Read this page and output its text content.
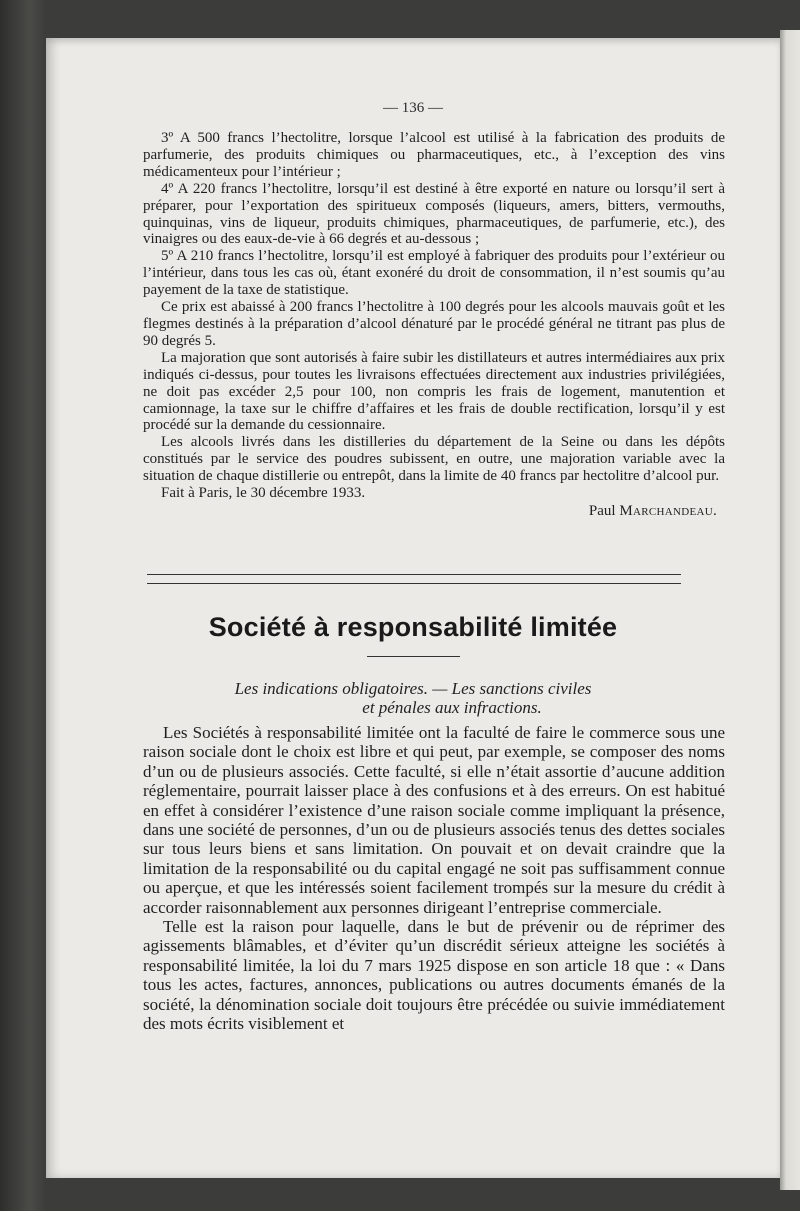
— 136 —

3º A 500 francs l’hectolitre, lorsque l’alcool est utilisé à la fabrication des produits de parfumerie, des produits chimiques ou pharmaceutiques, etc., à l’exception des vins médicamenteux pour l’intérieur ;

4º A 220 francs l’hectolitre, lorsqu’il est destiné à être exporté en nature ou lorsqu’il sert à préparer, pour l’exportation des spiritueux composés (liqueurs, amers, bitters, vermouths, quinquinas, vins de liqueur, produits chimiques, pharmaceutiques, de parfumerie, etc.), des vinaigres ou des eaux-de-vie à 66 degrés et au-dessous ;

5º A 210 francs l’hectolitre, lorsqu’il est employé à fabriquer des produits pour l’extérieur ou l’intérieur, dans tous les cas où, étant exonéré du droit de consommation, il n’est soumis qu’au payement de la taxe de statistique.

Ce prix est abaissé à 200 francs l’hectolitre à 100 degrés pour les alcools mauvais goût et les flegmes destinés à la préparation d’alcool dénaturé par le procédé général ne titrant pas plus de 90 degrés 5.

La majoration que sont autorisés à faire subir les distillateurs et autres intermédiaires aux prix indiqués ci-dessus, pour toutes les livraisons effectuées directement aux industries privilégiées, ne doit pas excéder 2,5 pour 100, non compris les frais de logement, manutention et camionnage, la taxe sur le chiffre d’affaires et les frais de double rectification, lorsqu’il y est procédé sur la demande du cessionnaire.

Les alcools livrés dans les distilleries du département de la Seine ou dans les dépôts constitués par le service des poudres subissent, en outre, une majoration variable avec la situation de chaque distillerie ou entrepôt, dans la limite de 40 francs par hectolitre d’alcool pur.

Fait à Paris, le 30 décembre 1933.

Paul Marchandeau.
Société à responsabilité limitée
Les indications obligatoires. — Les sanctions civiles
et pénales aux infractions.

Les Sociétés à responsabilité limitée ont la faculté de faire le commerce sous une raison sociale dont le choix est libre et qui peut, par exemple, se composer des noms d’un ou de plusieurs associés. Cette faculté, si elle n’était assortie d’aucune addition réglementaire, pourrait laisser place à des confusions et à des erreurs. On est habitué en effet à considérer l’existence d’une raison sociale comme impliquant la présence, dans une société de personnes, d’un ou de plusieurs associés tenus des dettes sociales sur tous leurs biens et sans limitation. On pouvait et on devait craindre que la limitation de la responsabilité ou du capital engagé ne soit pas suffisamment connue ou aperçue, et que les intéressés soient facilement trompés sur la mesure du crédit à accorder raisonnablement aux personnes dirigeant l’entreprise commerciale.

Telle est la raison pour laquelle, dans le but de prévenir ou de réprimer des agissements blâmables, et d’éviter qu’un discrédit sérieux atteigne les sociétés à responsabilité limitée, la loi du 7 mars 1925 dispose en son article 18 que : « Dans tous les actes, factures, annonces, publications ou autres documents émanés de la société, la dénomination sociale doit toujours être précédée ou suivie immédiatement des mots écrits visiblement et
